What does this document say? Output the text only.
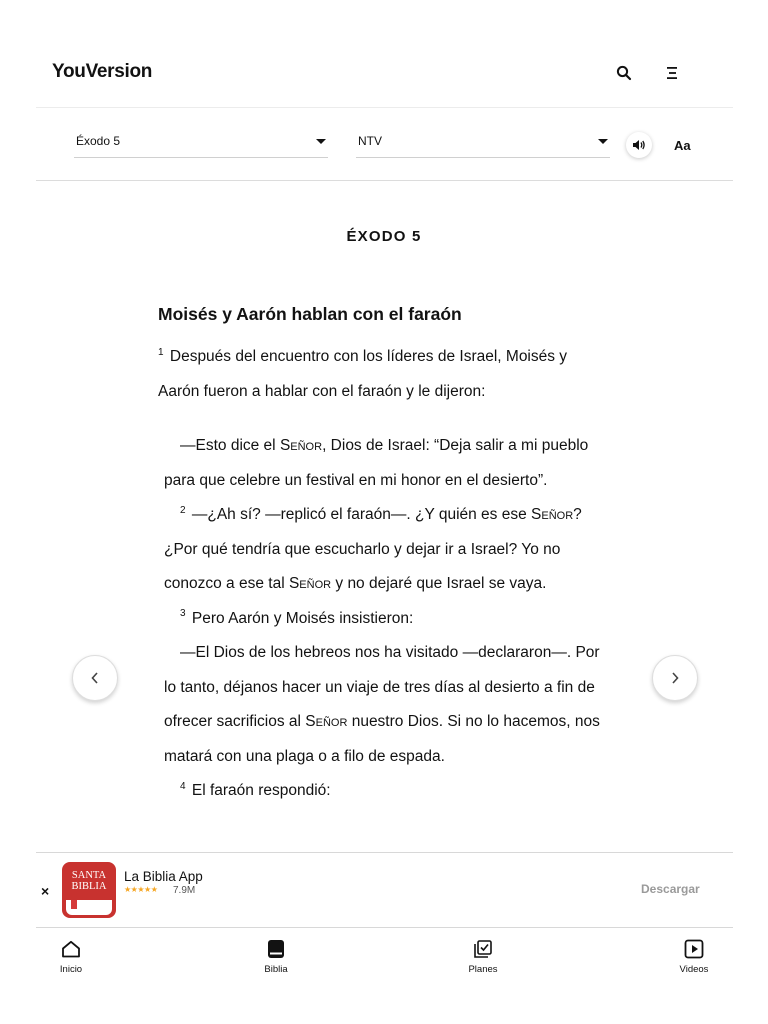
YouVersion
Éxodo 5	NTV	Aa
ÉXODO 5
Moisés y Aarón hablan con el faraón
$^1$ Después del encuentro con los líderes de Israel, Moisés y Aarón fueron a hablar con el faraón y le dijeron:
—Esto dice el Señor, Dios de Israel: “Deja salir a mi pueblo para que celebre un festival en mi honor en el desierto”.
$^2$ —¿Ah sí? —replicó el faraón—. ¿Y quién es ese Señor? ¿Por qué tendría que escucharlo y dejar ir a Israel? Yo no conozco a ese tal Señor y no dejaré que Israel se vaya.
$^3$ Pero Aarón y Moisés insistieron:
—El Dios de los hebreos nos ha visitado —declararon—. Por lo tanto, déjanos hacer un viaje de tres días al desierto a fin de ofrecer sacrificios al Señor nuestro Dios. Si no lo hacemos, nos matará con una plaga o a filo de espada.
$^4$ El faraón respondió:
×
SANTA
BIBLIA
La Biblia App
★★★★★ 7.9M	Descargar
Inicio	Biblia	Planes	Videos
